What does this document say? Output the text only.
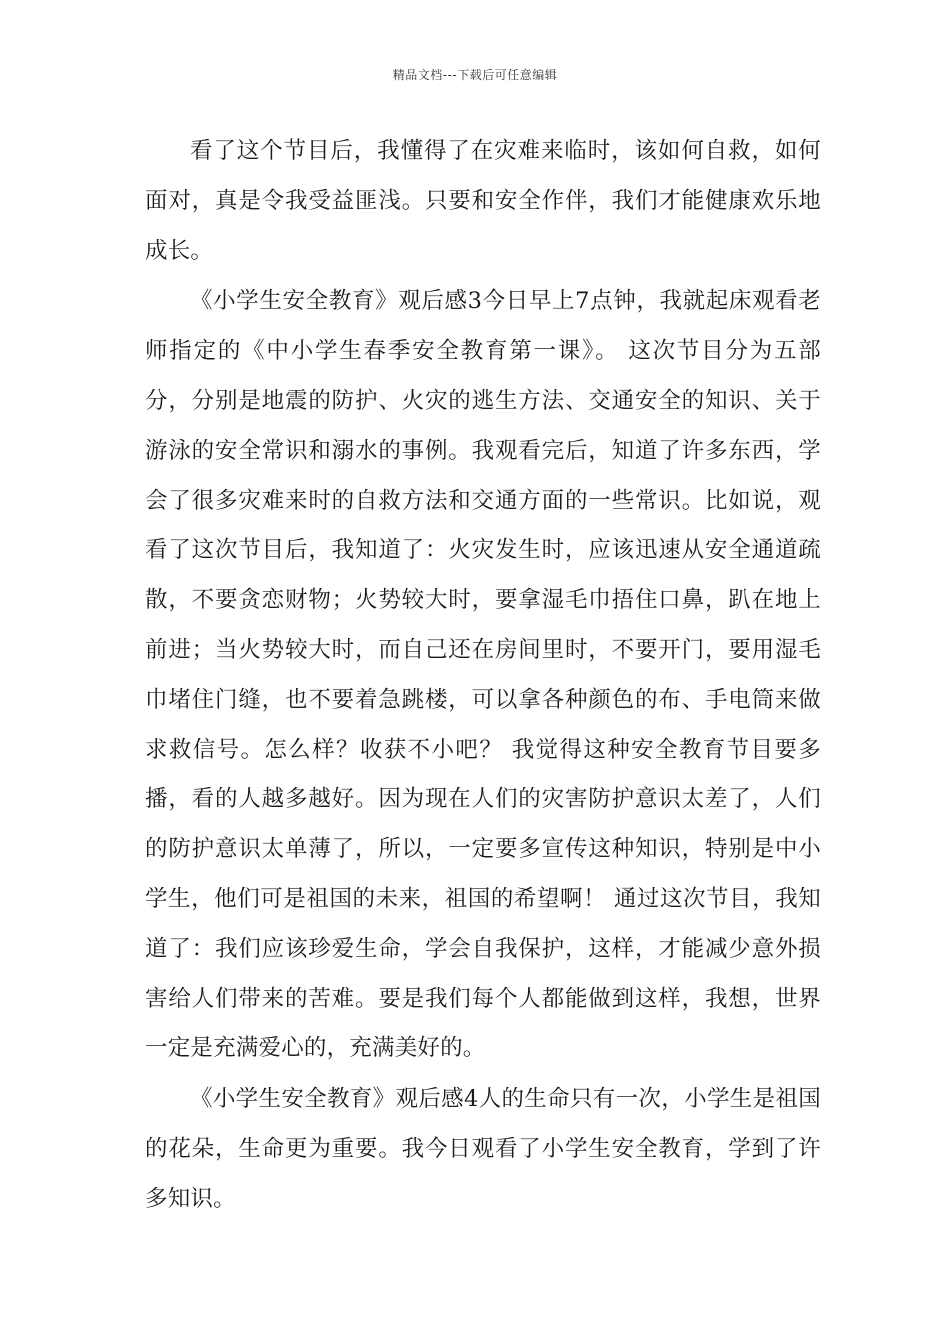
精品文档---下载后可任意编辑

看了这个节目后，我懂得了在灾难来临时，该如何自救，如何面对，真是令我受益匪浅。只要和安全作伴，我们才能健康欢乐地成长。

《小学生安全教育》观后感3今日早上7点钟，我就起床观看老师指定的《中小学生春季安全教育第一课》。 这次节目分为五部分，分别是地震的防护、火灾的逃生方法、交通安全的知识、关于游泳的安全常识和溺水的事例。我观看完后，知道了许多东西，学会了很多灾难来时的自救方法和交通方面的一些常识。比如说，观看了这次节目后，我知道了：火灾发生时，应该迅速从安全通道疏散，不要贪恋财物；火势较大时，要拿湿毛巾捂住口鼻，趴在地上前进；当火势较大时，而自己还在房间里时，不要开门，要用湿毛巾堵住门缝，也不要着急跳楼，可以拿各种颜色的布、手电筒来做求救信号。怎么样？收获不小吧？ 我觉得这种安全教育节目要多播，看的人越多越好。因为现在人们的灾害防护意识太差了，人们的防护意识太单薄了，所以，一定要多宣传这种知识，特别是中小学生，他们可是祖国的未来，祖国的希望啊！ 通过这次节目，我知道了：我们应该珍爱生命，学会自我保护，这样，才能减少意外损害给人们带来的苦难。要是我们每个人都能做到这样，我想，世界一定是充满爱心的，充满美好的。

《小学生安全教育》观后感4人的生命只有一次，小学生是祖国的花朵，生命更为重要。我今日观看了小学生安全教育，学到了许多知识。
